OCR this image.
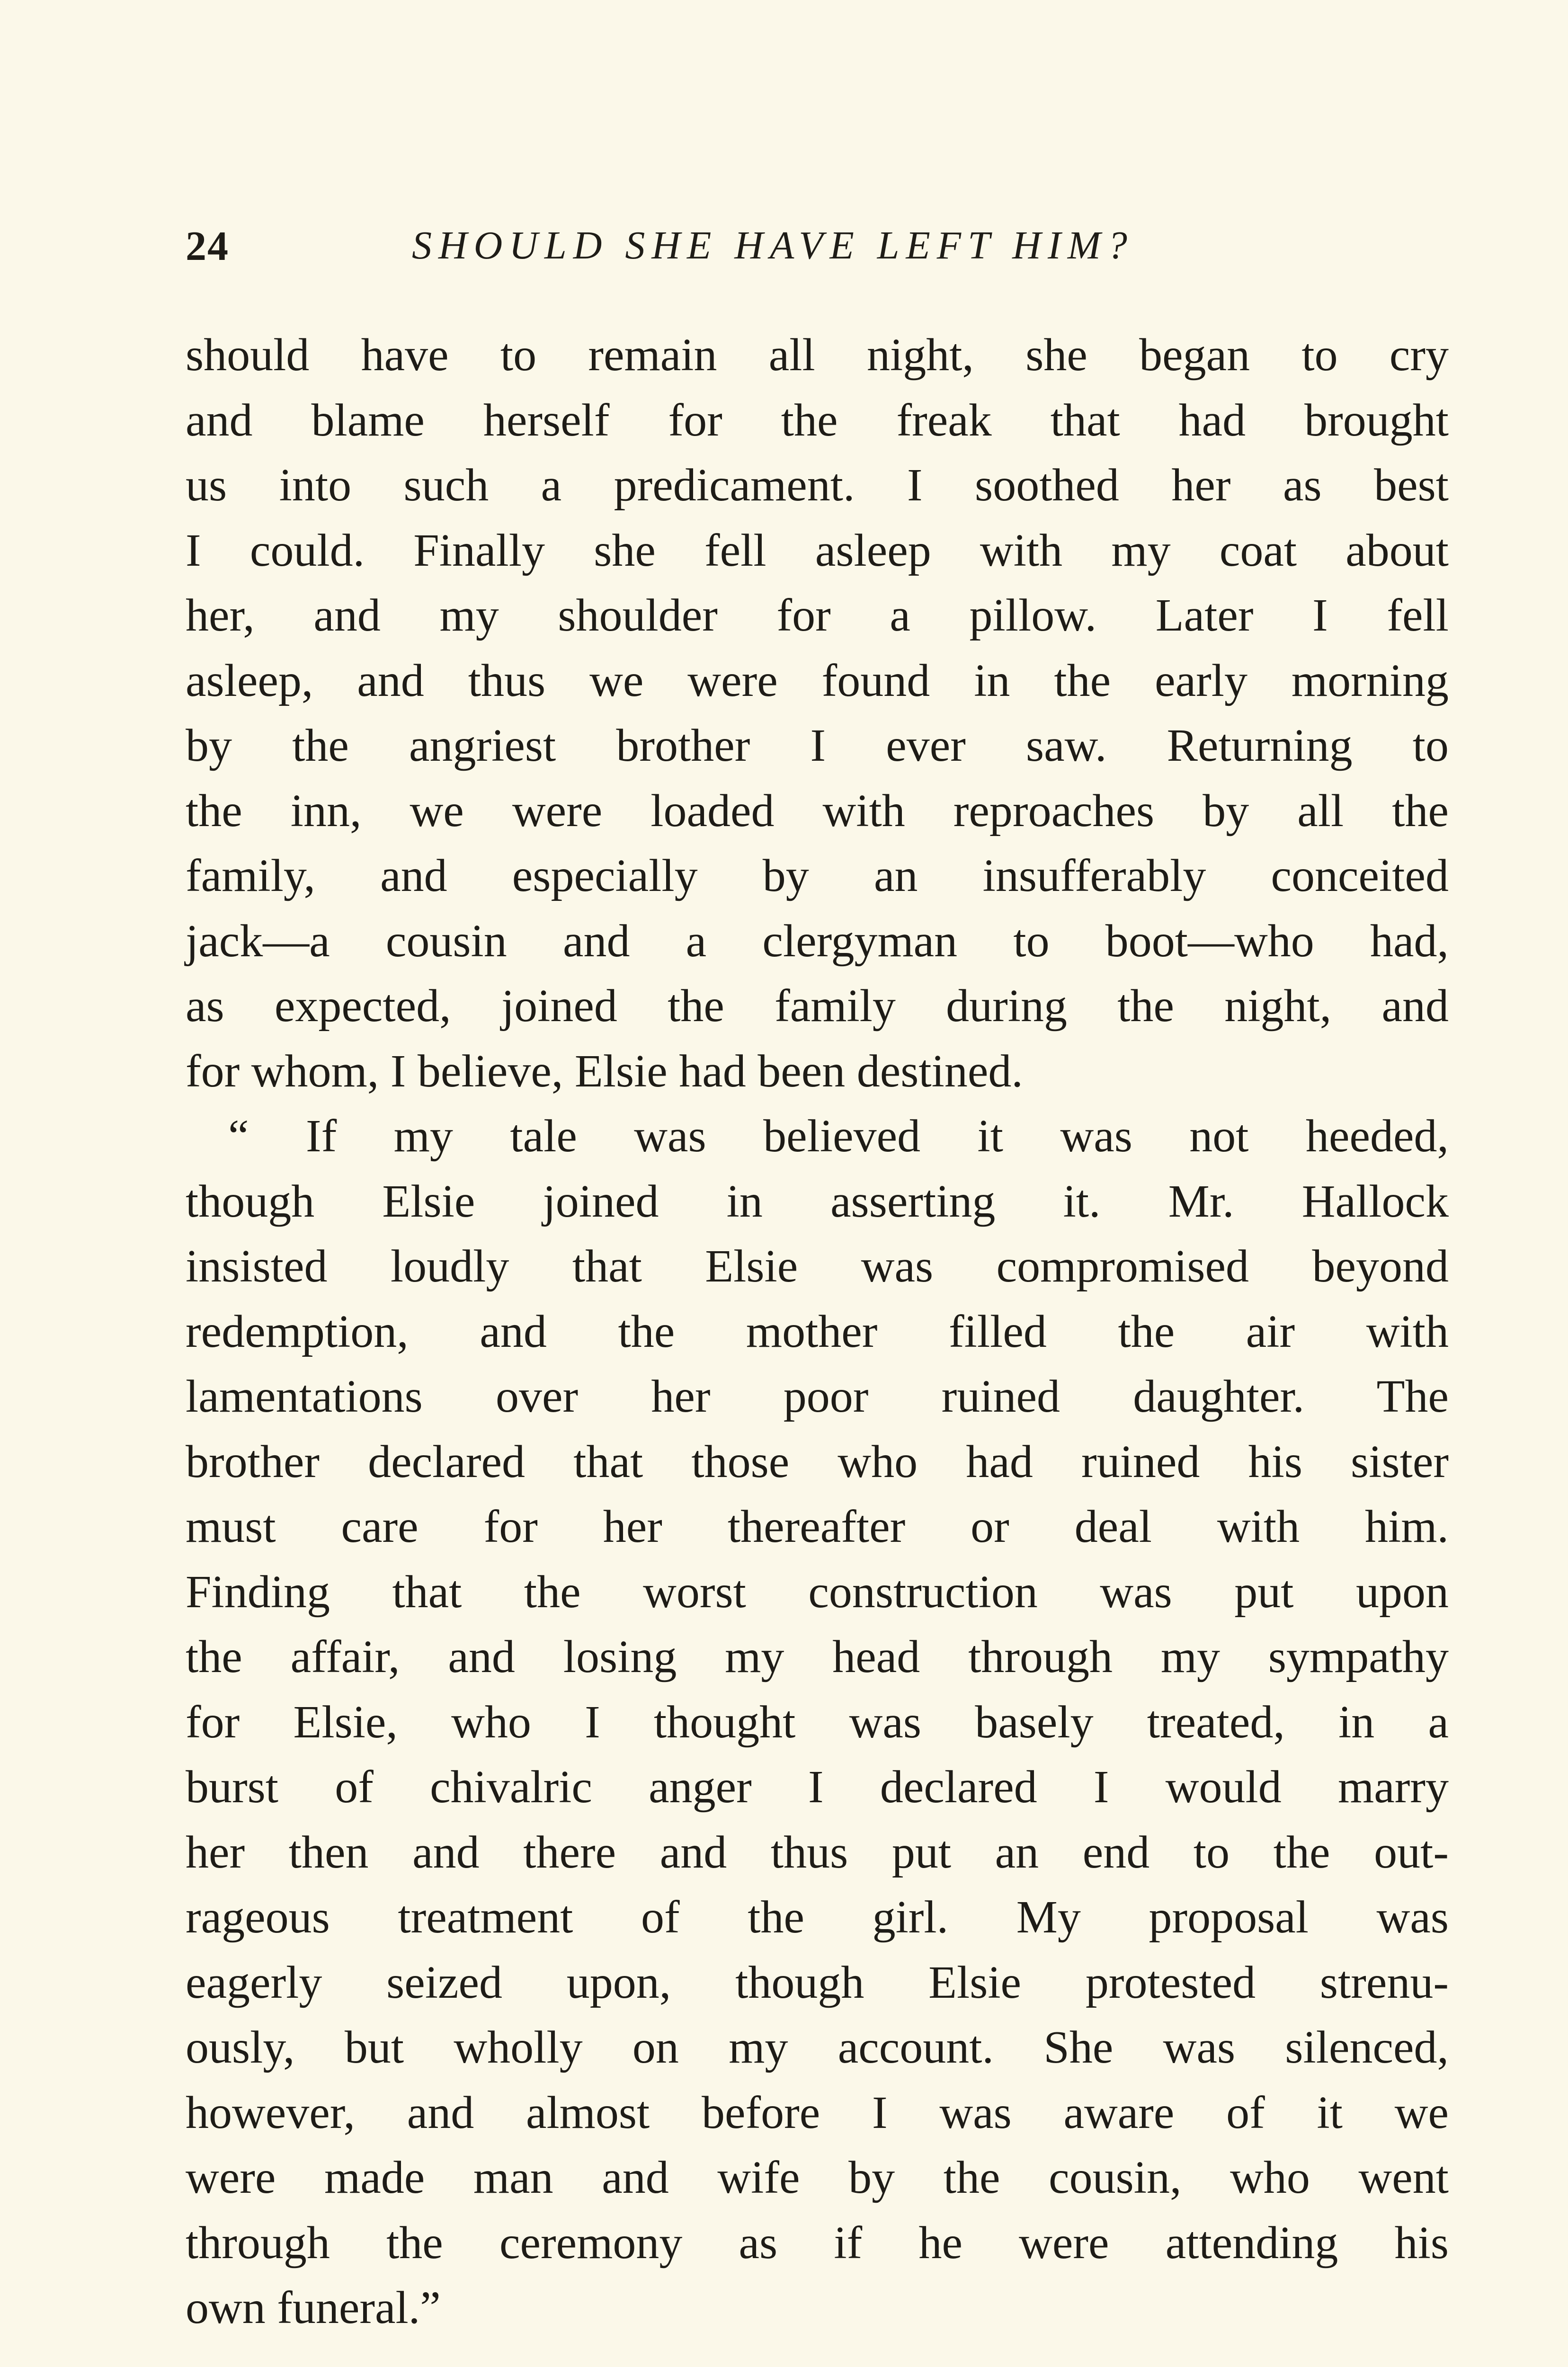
24	SHOULD SHE HAVE LEFT HIM?
should have to remain all night, she began to cry
and blame herself for the freak that had brought
us into such a predicament. I soothed her as best
I could. Finally she fell asleep with my coat about
her, and my shoulder for a pillow. Later I fell
asleep, and thus we were found in the early morning
by the angriest brother I ever saw. Returning to
the inn, we were loaded with reproaches by all the
family, and especially by an insufferably conceited
jack—a cousin and a clergyman to boot—who had,
as expected, joined the family during the night, and
for whom, I believe, Elsie had been destined.
“ If my tale was believed it was not heeded,
though Elsie joined in asserting it. Mr. Hallock
insisted loudly that Elsie was compromised beyond
redemption, and the mother filled the air with
lamentations over her poor ruined daughter. The
brother declared that those who had ruined his sister
must care for her thereafter or deal with him.
Finding that the worst construction was put upon
the affair, and losing my head through my sympathy
for Elsie, who I thought was basely treated, in a
burst of chivalric anger I declared I would marry
her then and there and thus put an end to the out-
rageous treatment of the girl. My proposal was
eagerly seized upon, though Elsie protested strenu-
ously, but wholly on my account. She was silenced,
however, and almost before I was aware of it we
were made man and wife by the cousin, who went
through the ceremony as if he were attending his
own funeral.”
